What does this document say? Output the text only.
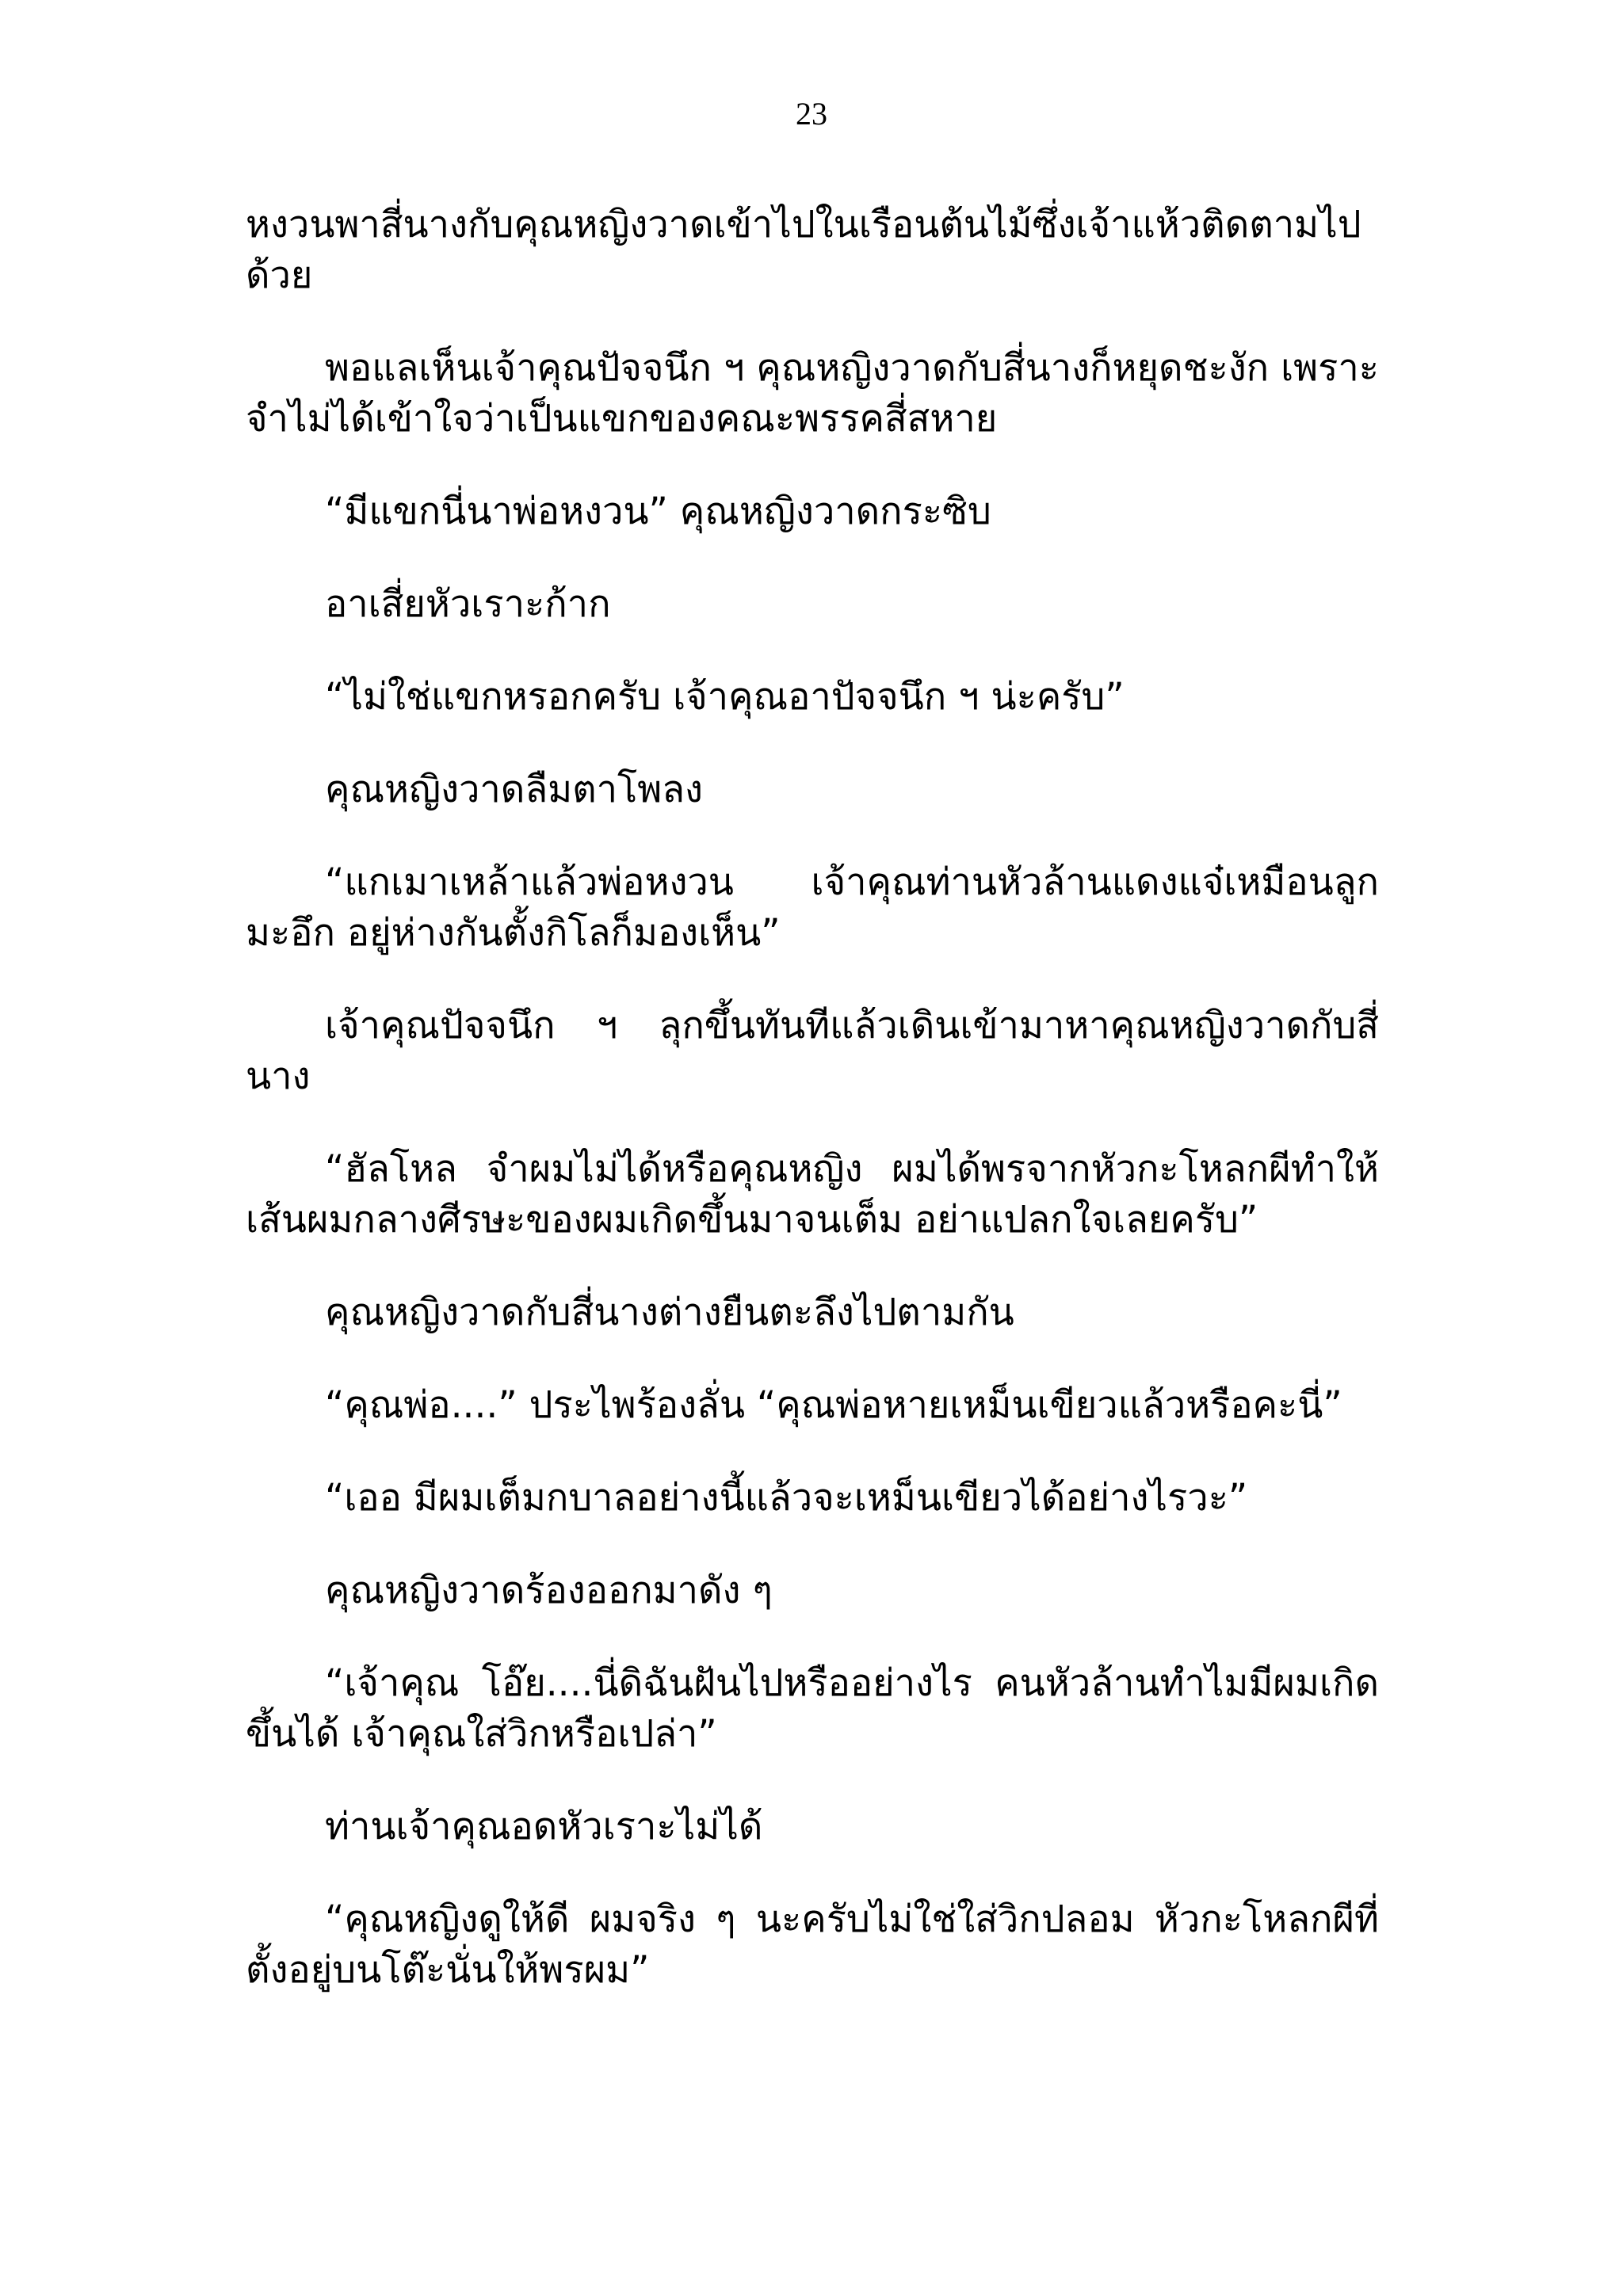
23

หงวนพาสี่นางกับคุณหญิงวาดเข้าไปในเรือนต้นไม้ซึ่งเจ้าแห้วติดตามไปด้วย

พอแลเห็นเจ้าคุณปัจจนึก ฯ คุณหญิงวาดกับสี่นางก็หยุดชะงัก เพราะจำไม่ได้เข้าใจว่าเป็นแขกของคณะพรรคสี่สหาย

“มีแขกนี่นาพ่อหงวน” คุณหญิงวาดกระซิบ

อาเสี่ยหัวเราะก้าก

“ไม่ใช่แขกหรอกครับ เจ้าคุณอาปัจจนึก ฯ น่ะครับ”

คุณหญิงวาดลืมตาโพลง

“แกเมาเหล้าแล้วพ่อหงวน เจ้าคุณท่านหัวล้านแดงแจ๋เหมือนลูกมะอึก อยู่ห่างกันตั้งกิโลก็มองเห็น”

เจ้าคุณปัจจนึก ฯ ลุกขึ้นทันทีแล้วเดินเข้ามาหาคุณหญิงวาดกับสี่นาง

“ฮัลโหล จำผมไม่ได้หรือคุณหญิง ผมได้พรจากหัวกะโหลกผีทำให้เส้นผมกลางศีรษะของผมเกิดขึ้นมาจนเต็ม อย่าแปลกใจเลยครับ”

คุณหญิงวาดกับสี่นางต่างยืนตะลึงไปตามกัน

“คุณพ่อ....” ประไพร้องลั่น “คุณพ่อหายเหม็นเขียวแล้วหรือคะนี่”

“เออ มีผมเต็มกบาลอย่างนี้แล้วจะเหม็นเขียวได้อย่างไรวะ”

คุณหญิงวาดร้องออกมาดัง ๆ

“เจ้าคุณ โอ๊ย....นี่ดิฉันฝันไปหรืออย่างไร คนหัวล้านทำไมมีผมเกิดขึ้นได้ เจ้าคุณใส่วิกหรือเปล่า”

ท่านเจ้าคุณอดหัวเราะไม่ได้

“คุณหญิงดูให้ดี ผมจริง ๆ นะครับไม่ใช่ใส่วิกปลอม หัวกะโหลกผีที่ตั้งอยู่บนโต๊ะนั่นให้พรผม”
